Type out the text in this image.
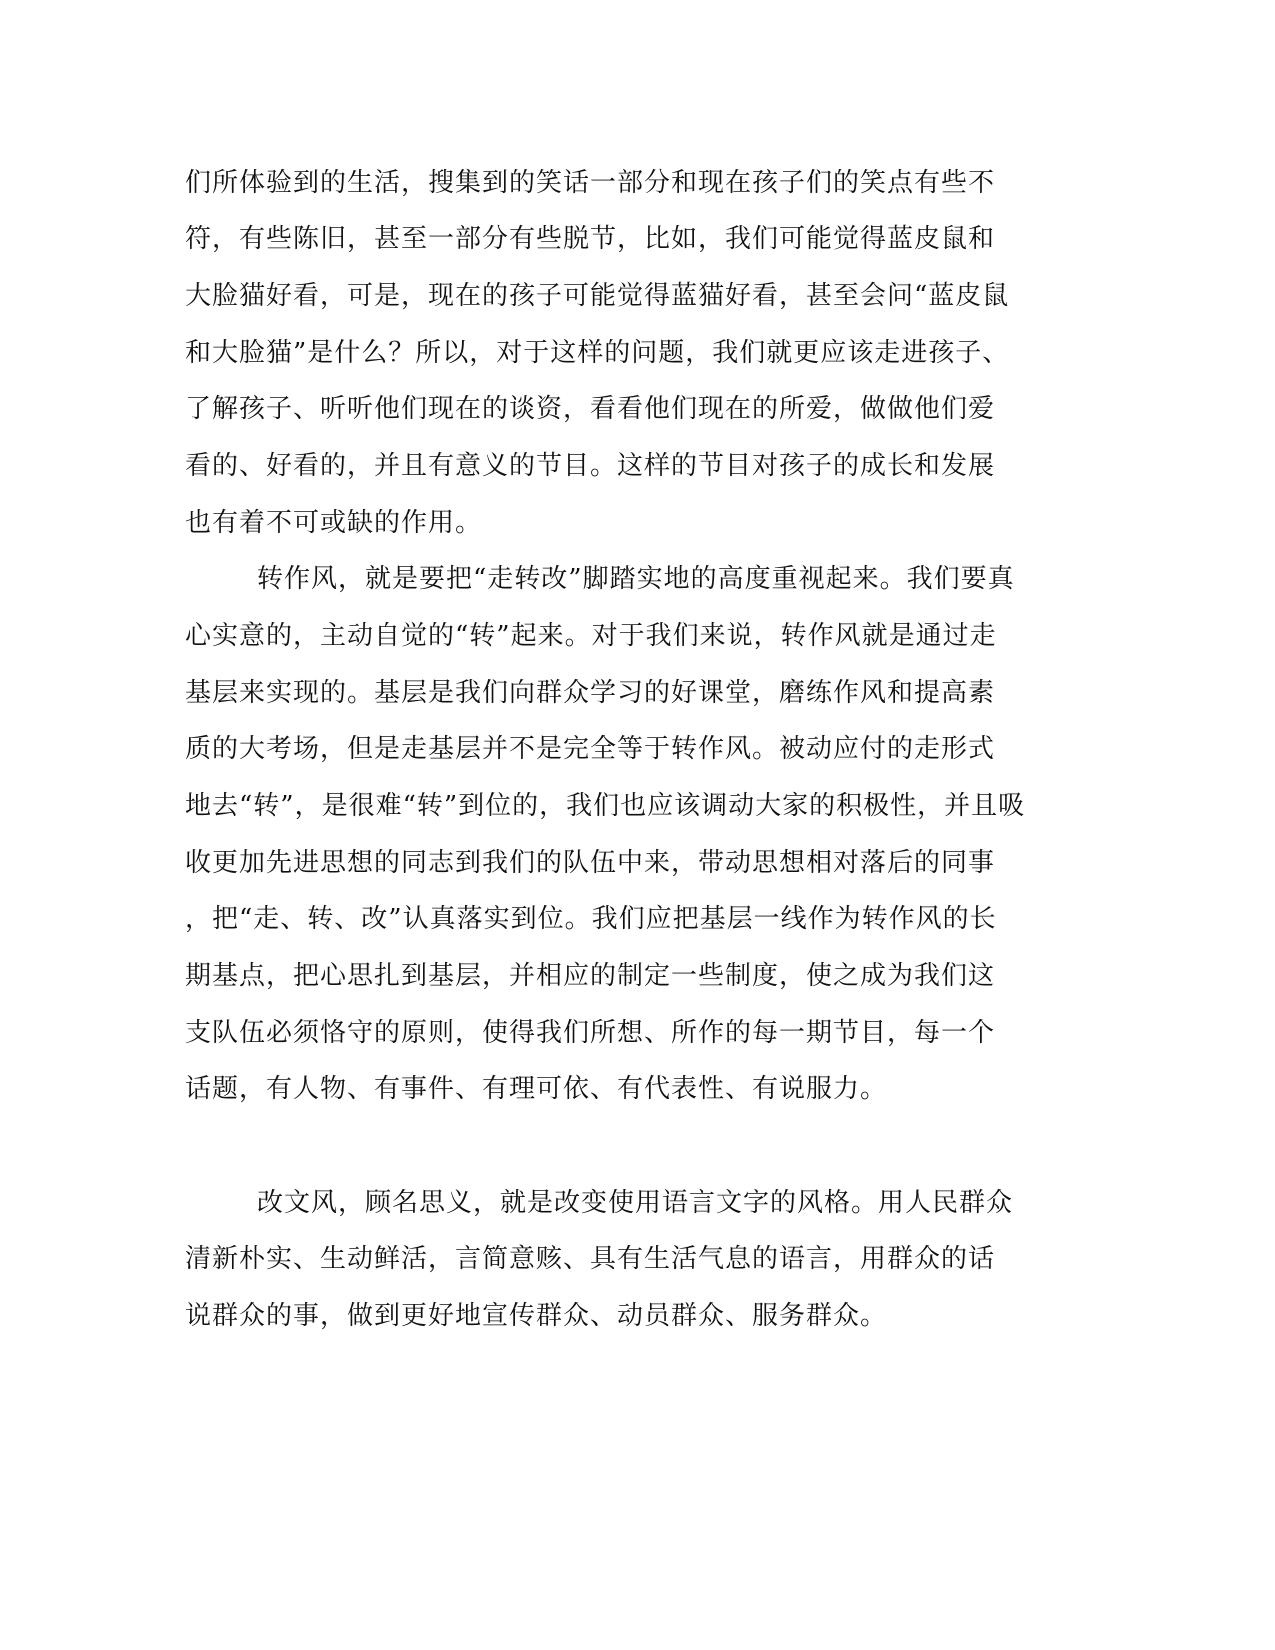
们所体验到的生活，搜集到的笑话一部分和现在孩子们的笑点有些不
符，有些陈旧，甚至一部分有些脱节，比如，我们可能觉得蓝皮鼠和
大脸猫好看，可是，现在的孩子可能觉得蓝猫好看，甚至会问“蓝皮鼠
和大脸猫”是什么？所以，对于这样的问题，我们就更应该走进孩子、
了解孩子、听听他们现在的谈资，看看他们现在的所爱，做做他们爱
看的、好看的，并且有意义的节目。这样的节目对孩子的成长和发展
也有着不可或缺的作用。
转作风，就是要把“走转改”脚踏实地的高度重视起来。我们要真
心实意的，主动自觉的“转”起来。对于我们来说，转作风就是通过走
基层来实现的。基层是我们向群众学习的好课堂，磨练作风和提高素
质的大考场，但是走基层并不是完全等于转作风。被动应付的走形式
地去“转”，是很难“转”到位的，我们也应该调动大家的积极性，并且吸
收更加先进思想的同志到我们的队伍中来，带动思想相对落后的同事
，把“走、转、改”认真落实到位。我们应把基层一线作为转作风的长
期基点，把心思扎到基层，并相应的制定一些制度，使之成为我们这
支队伍必须恪守的原则，使得我们所想、所作的每一期节目，每一个
话题，有人物、有事件、有理可依、有代表性、有说服力。
改文风，顾名思义，就是改变使用语言文字的风格。用人民群众
清新朴实、生动鲜活，言简意赅、具有生活气息的语言，用群众的话
说群众的事，做到更好地宣传群众、动员群众、服务群众。
